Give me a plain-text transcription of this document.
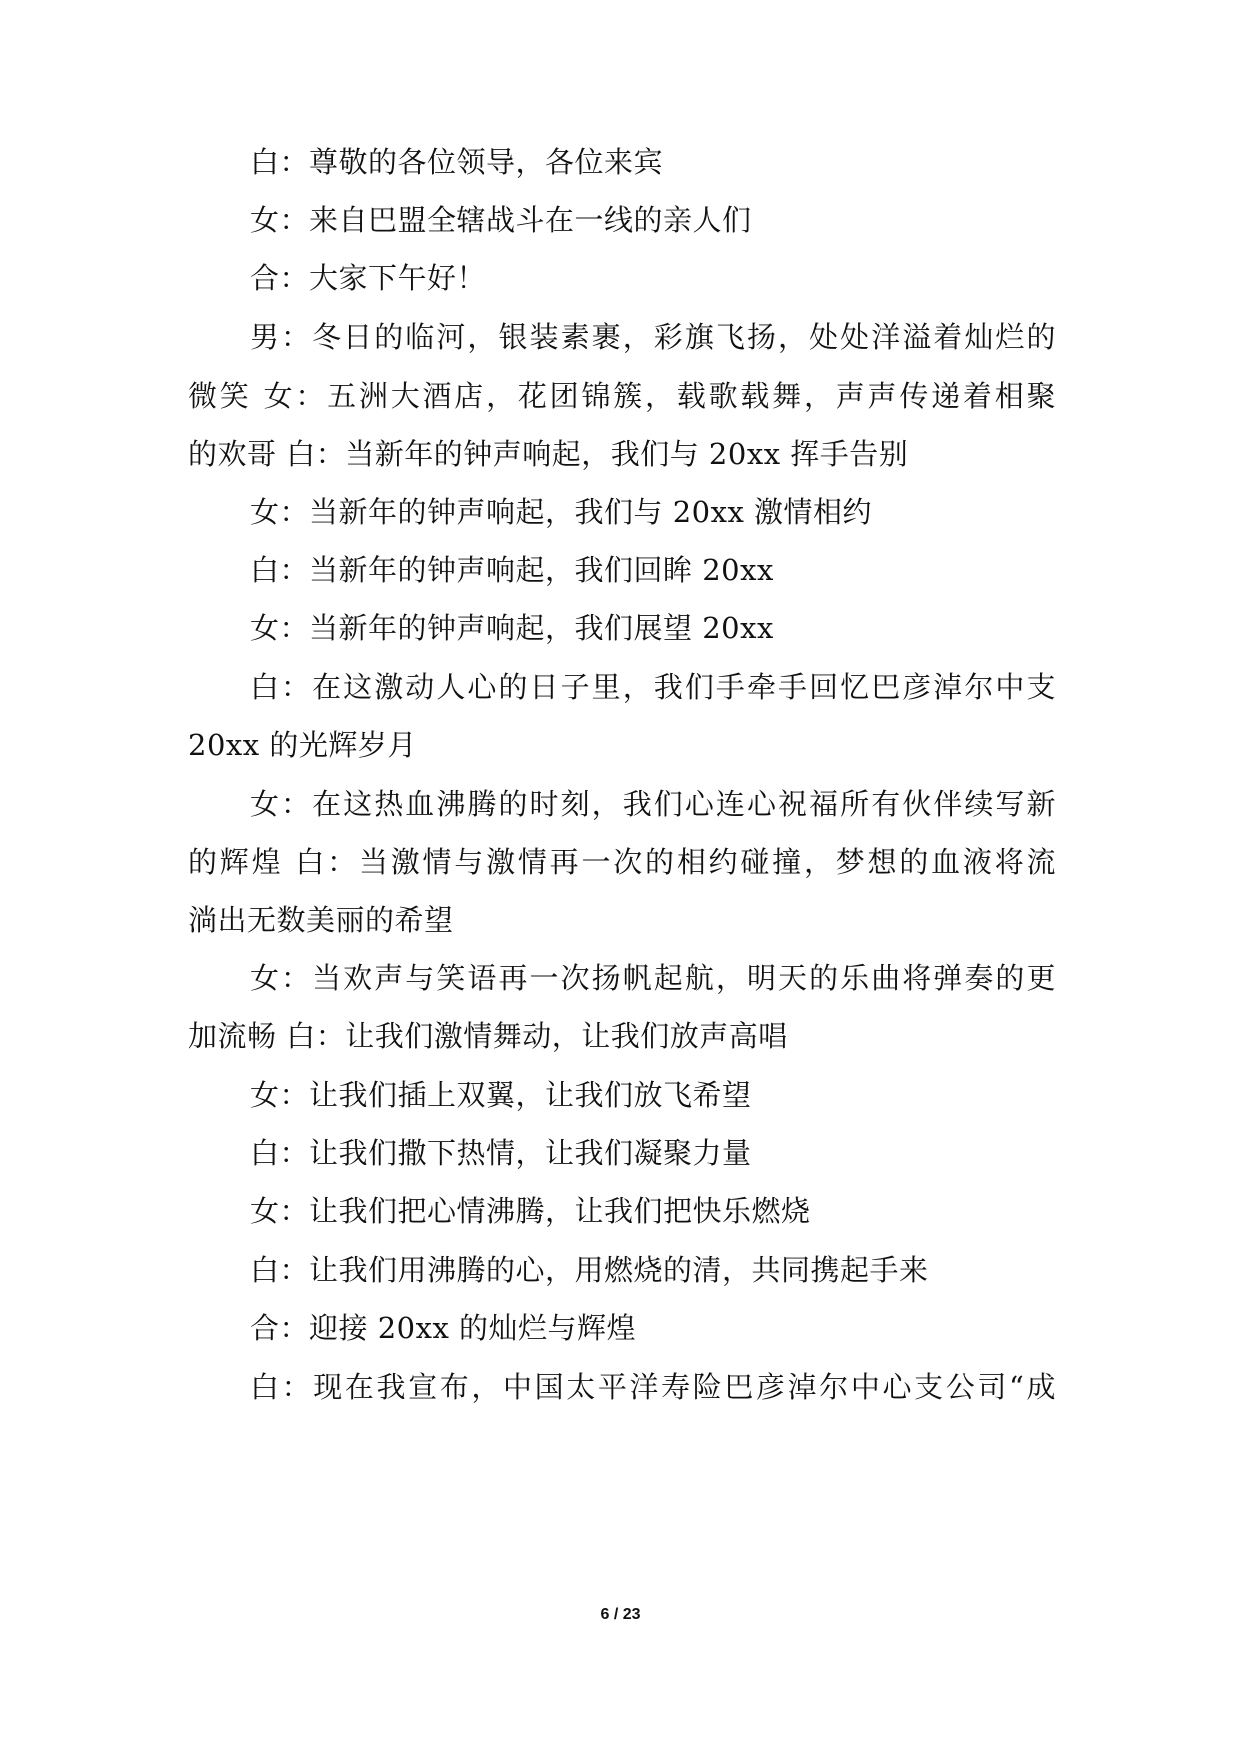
白：尊敬的各位领导，各位来宾
女：来自巴盟全辖战斗在一线的亲人们
合：大家下午好！
男：冬日的临河，银装素裹，彩旗飞扬，处处洋溢着灿烂的
微笑 女：五洲大酒店，花团锦簇，载歌载舞，声声传递着相聚
的欢哥 白：当新年的钟声响起，我们与 20xx 挥手告别
女：当新年的钟声响起，我们与 20xx 激情相约
白：当新年的钟声响起，我们回眸 20xx
女：当新年的钟声响起，我们展望 20xx
白：在这激动人心的日子里，我们手牵手回忆巴彦淖尔中支
20xx 的光辉岁月
女：在这热血沸腾的时刻，我们心连心祝福所有伙伴续写新
的辉煌 白：当激情与激情再一次的相约碰撞，梦想的血液将流
淌出无数美丽的希望
女：当欢声与笑语再一次扬帆起航，明天的乐曲将弹奏的更
加流畅 白：让我们激情舞动，让我们放声高唱
女：让我们插上双翼，让我们放飞希望
白：让我们撒下热情，让我们凝聚力量
女：让我们把心情沸腾，让我们把快乐燃烧
白：让我们用沸腾的心，用燃烧的清，共同携起手来
合：迎接 20xx 的灿烂与辉煌
白：现在我宣布，中国太平洋寿险巴彦淖尔中心支公司“成
6 / 23
